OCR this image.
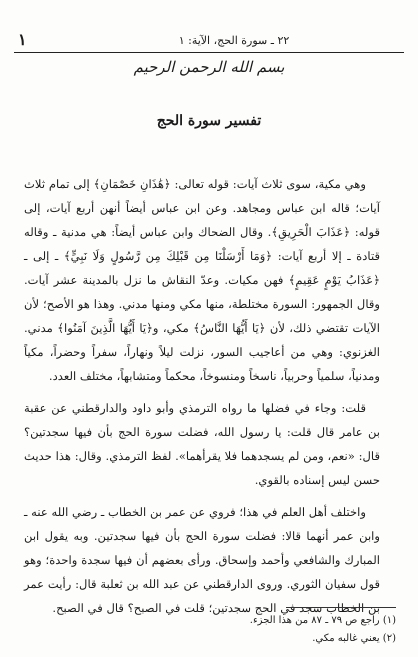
١	٢٢ ـ سورة الحج، الآية: ١
بسم الله الرحمن الرحيم
تفسير سورة الحج

وهي مكية، سوى ثلاث آيات: قوله تعالى: ﴿هَٰذَانِ خَصْمَانِ﴾ إلى تمام ثلاث آيات؛ قاله ابن عباس ومجاهد. وعن ابن عباس أيضاً أنهن أربع آيات، إلى قوله: ﴿عَذَابَ الْحَرِيقِ﴾. وقال الضحاك وابن عباس أيضاً: هي مدنية ـ وقاله قتادة ـ إلا أربع آيات: ﴿وَمَا أَرْسَلْنَا مِن قَبْلِكَ مِن رَّسُولٍ وَلَا نَبِيٍّ﴾ ـ إلى ـ ﴿عَذَابُ يَوْمٍ عَقِيمٍ﴾ فهن مكيات. وعدّ النقاش ما نزل بالمدينة عشر آيات. وقال الجمهور: السورة مختلطة، منها مكي ومنها مدني. وهذا هو الأصح؛ لأن الآيات تقتضي ذلك، لأن ﴿يَا أَيُّهَا النَّاسُ﴾ مكي، و﴿يَا أَيُّهَا الَّذِينَ آمَنُوا﴾ مدني. الغزنوي: وهي من أعاجيب السور، نزلت ليلاً ونهاراً، سفراً وحضراً، مكياً ومدنياً، سلمياً وحربياً، ناسخاً ومنسوخاً، محكماً ومتشابهاً، مختلف العدد.

قلت: وجاء في فضلها ما رواه الترمذي وأبو داود والدارقطني عن عقبة بن عامر قال قلت: يا رسول الله، فضلت سورة الحج بأن فيها سجدتين؟ قال: «نعم، ومن لم يسجدهما فلا يقرأهما». لفظ الترمذي. وقال: هذا حديث حسن ليس إسناده بالقوي.

واختلف أهل العلم في هذا؛ فروي عن عمر بن الخطاب ـ رضي الله عنه ـ وابن عمر أنهما قالا: فضلت سورة الحج بأن فيها سجدتين. وبه يقول ابن المبارك والشافعي وأحمد وإسحاق. ورأى بعضهم أن فيها سجدة واحدة؛ وهو قول سفيان الثوري. وروى الدارقطني عن عبد الله بن ثعلبة قال: رأيت عمر بن الخطاب سجد في الحج سجدتين؛ قلت في الصبح؟ قال في الصبح.

(١) راجع ص ٧٩ ـ ٨٧ من هذا الجزء.
(٢) يعني غالبه مكي.
